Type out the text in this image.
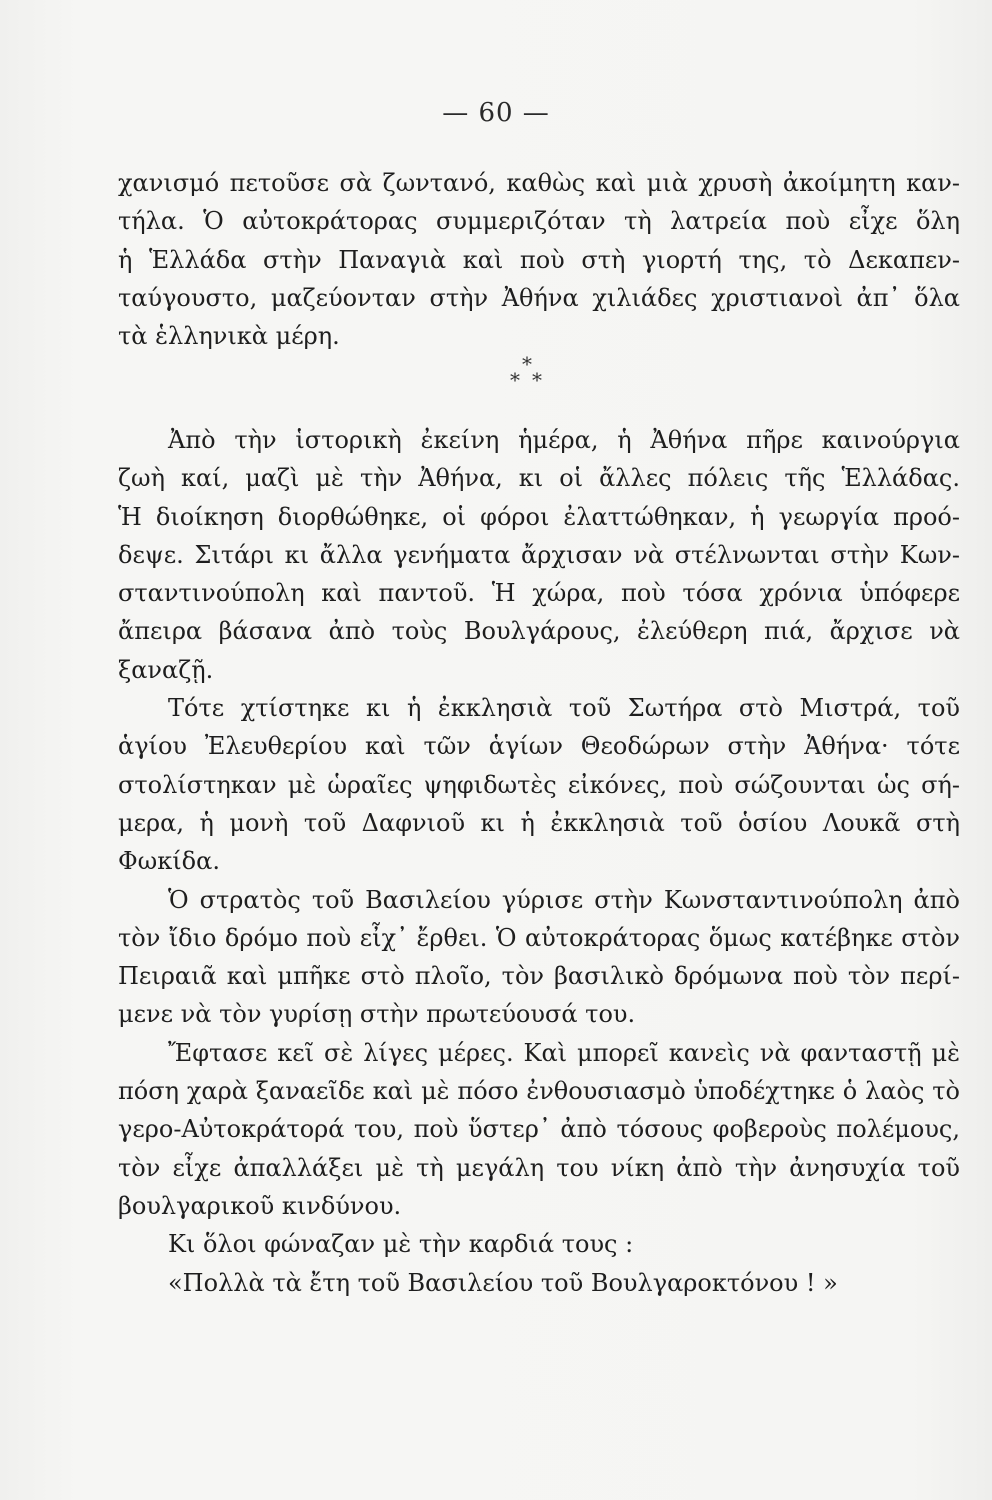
— 60 —
χανισμό πετοῦσε σὰ ζωντανό, καθὼς καὶ μιὰ χρυσὴ ἀκοίμητη καν-
τήλα. Ὁ αὐτοκράτορας συμμεριζόταν τὴ λατρεία ποὺ εἶχε ὅλη
ἡ Ἑλλάδα στὴν Παναγιὰ καὶ ποὺ στὴ γιορτή της, τὸ Δεκαπεν-
ταύγουστο, μαζεύονταν στὴν Ἀθήνα χιλιάδες χριστιανοὶ ἀπ᾿ ὅλα
τὰ ἑλληνικὰ μέρη.
*
* *
Ἀπὸ τὴν ἱστορικὴ ἐκείνη ἡμέρα, ἡ Ἀθήνα πῆρε καινούργια
ζωὴ καί, μαζὶ μὲ τὴν Ἀθήνα, κι οἱ ἄλλες πόλεις τῆς Ἑλλάδας.
Ἡ διοίκηση διορθώθηκε, οἱ φόροι ἐλαττώθηκαν, ἡ γεωργία προό-
δεψε. Σιτάρι κι ἄλλα γενήματα ἄρχισαν νὰ στέλνωνται στὴν Κων-
σταντινούπολη καὶ παντοῦ. Ἡ χώρα, ποὺ τόσα χρόνια ὑπόφερε
ἄπειρα βάσανα ἀπὸ τοὺς Βουλγάρους, ἐλεύθερη πιά, ἄρχισε νὰ
ξαναζῇ.
Τότε χτίστηκε κι ἡ ἐκκλησιὰ τοῦ Σωτήρα στὸ Μιστρά, τοῦ
ἁγίου Ἐλευθερίου καὶ τῶν ἁγίων Θεοδώρων στὴν Ἀθήνα· τότε
στολίστηκαν μὲ ὡραῖες ψηφιδωτὲς εἰκόνες, ποὺ σώζουνται ὡς σή-
μερα, ἡ μονὴ τοῦ Δαφνιοῦ κι ἡ ἐκκλησιὰ τοῦ ὁσίου Λουκᾶ στὴ
Φωκίδα.
Ὁ στρατὸς τοῦ Βασιλείου γύρισε στὴν Κωνσταντινούπολη ἀπὸ
τὸν ἴδιο δρόμο ποὺ εἶχ᾿ ἔρθει. Ὁ αὐτοκράτορας ὅμως κατέβηκε στὸν
Πειραιᾶ καὶ μπῆκε στὸ πλοῖο, τὸν βασιλικὸ δρόμωνα ποὺ τὸν περί-
μενε νὰ τὸν γυρίσῃ στὴν πρωτεύουσά του.
Ἔφτασε κεῖ σὲ λίγες μέρες. Καὶ μπορεῖ κανεὶς νὰ φανταστῇ μὲ
πόση χαρὰ ξαναεῖδε καὶ μὲ πόσο ἐνθουσιασμὸ ὑποδέχτηκε ὁ λαὸς τὸ
γερο-Αὐτοκράτορά του, ποὺ ὕστερ᾿ ἀπὸ τόσους φοβεροὺς πολέμους,
τὸν εἶχε ἀπαλλάξει μὲ τὴ μεγάλη του νίκη ἀπὸ τὴν ἀνησυχία τοῦ
βουλγαρικοῦ κινδύνου.
Κι ὅλοι φώναζαν μὲ τὴν καρδιά τους :
«Πολλὰ τὰ ἔτη τοῦ Βασιλείου τοῦ Βουλγαροκτόνου ! »
